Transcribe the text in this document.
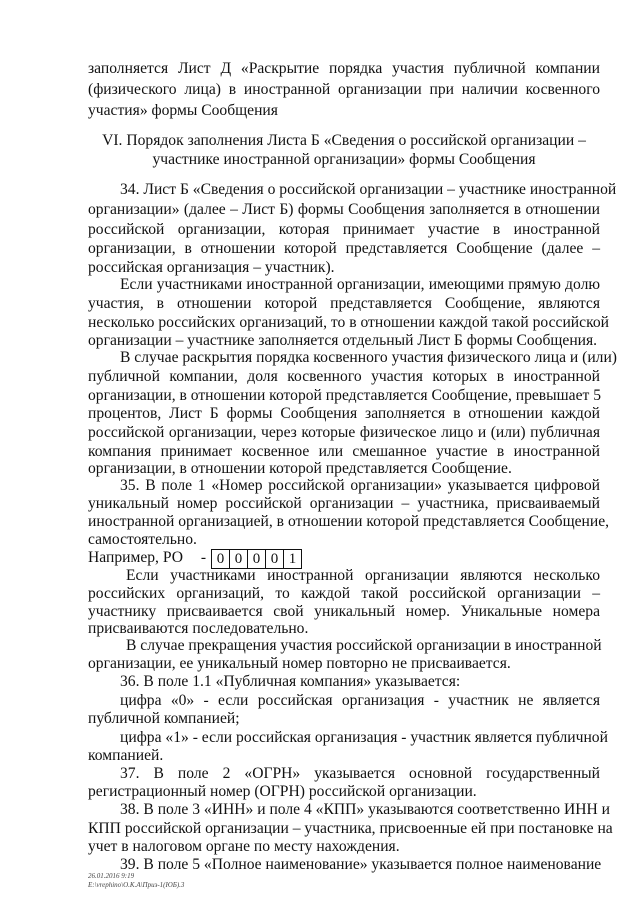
заполняется Лист Д «Раскрытие порядка участия публичной компании
(физического лица) в иностранной организации при наличии косвенного
участия» формы Сообщения
VI. Порядок заполнения Листа Б «Сведения о российской организации –
участнике иностранной организации» формы Сообщения
34. Лист Б «Сведения о российской организации – участнике иностранной
организации» (далее – Лист Б) формы Сообщения заполняется в отношении
российской организации, которая принимает участие в иностранной
организации, в отношении которой представляется Сообщение (далее –
российская организация – участник).
Если участниками иностранной организации, имеющими прямую долю
участия, в отношении которой представляется Сообщение, являются
несколько российских организаций, то в отношении каждой такой российской
организации – участнике заполняется отдельный Лист Б формы Сообщения.
В случае раскрытия порядка косвенного участия физического лица и (или)
публичной компании, доля косвенного участия которых в иностранной
организации, в отношении которой представляется Сообщение, превышает 5
процентов, Лист Б формы Сообщения заполняется в отношении каждой
российской организации, через которые физическое лицо и (или) публичная
компания принимает косвенное или смешанное участие в иностранной
организации, в отношении которой представляется Сообщение.
35. В поле 1 «Номер российской организации» указывается цифровой
уникальный номер российской организации – участника, присваиваемый
иностранной организацией, в отношении которой представляется Сообщение,
самостоятельно.
Например, РО - 0 0 0 0 1
Если участниками иностранной организации являются несколько
российских организаций, то каждой такой российской организации –
участнику присваивается свой уникальный номер. Уникальные номера
присваиваются последовательно.
В случае прекращения участия российской организации в иностранной
организации, ее уникальный номер повторно не присваивается.
36. В поле 1.1 «Публичная компания» указывается:
цифра «0» - если российская организация - участник не является
публичной компанией;
цифра «1» - если российская организация - участник является публичной
компанией.
37. В поле 2 «ОГРН» указывается основной государственный
регистрационный номер (ОГРН) российской организации.
38. В поле 3 «ИНН» и поле 4 «КПП» указываются соответственно ИНН и
КПП российской организации – участника, присвоенные ей при постановке на
учет в налоговом органе по месту нахождения.
39. В поле 5 «Полное наименование» указывается полное наименование
26.01.2016 9:19
E:\vrephino\О.К.А\Приз-1(ЮБ).3
